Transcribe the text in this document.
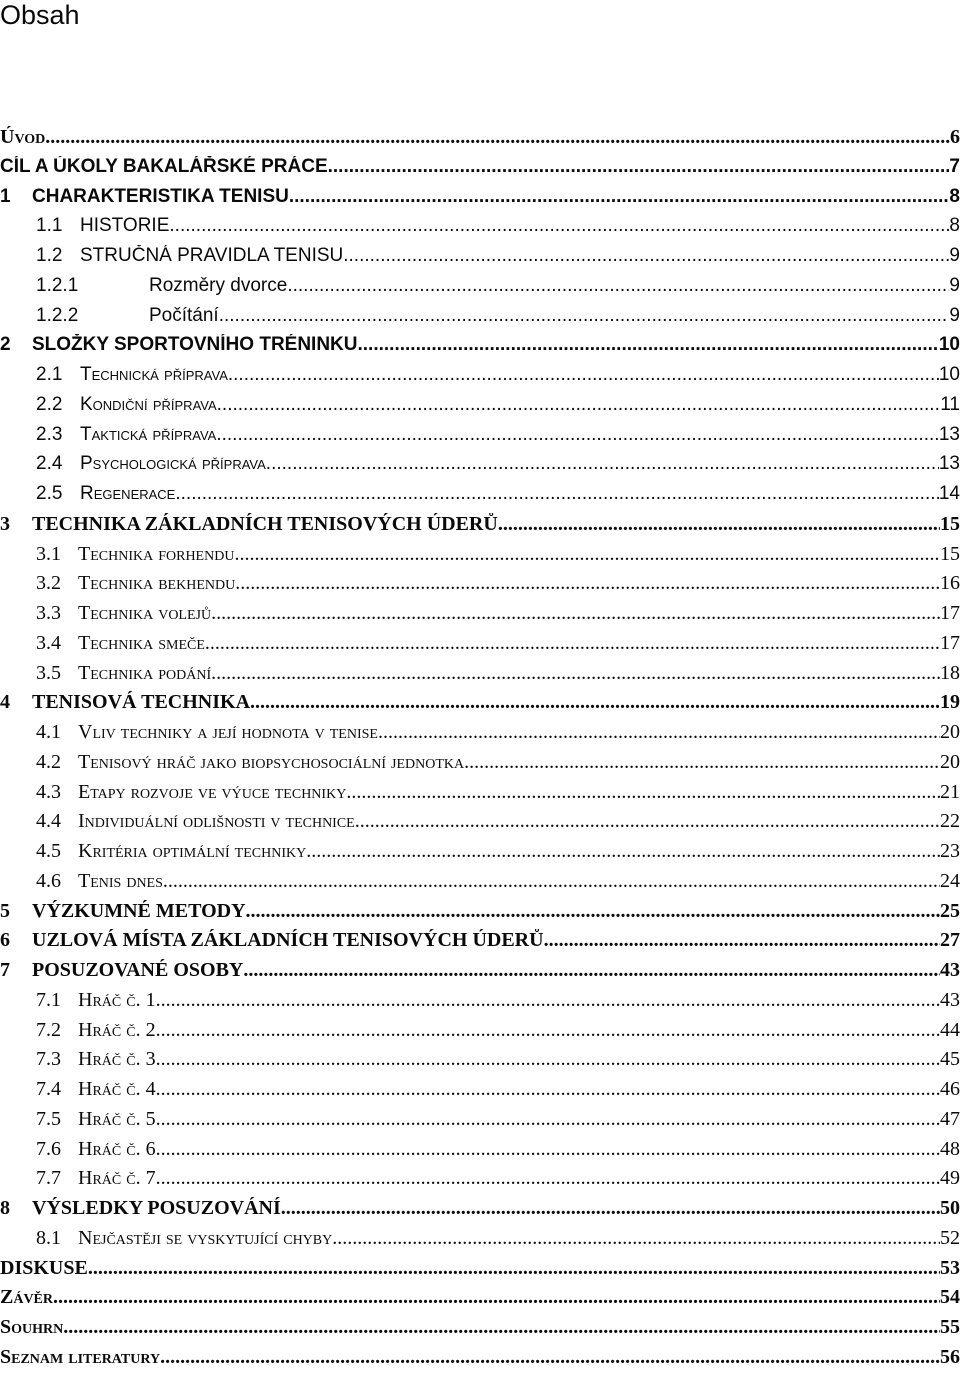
Obsah
Úvod .....	6
CÍL A ÚKOLY BAKALÁŘSKÉ PRÁCE .....	7
1	CHARAKTERISTIKA TENISU .....	8
1.1 HISTORIE .....	8
1.2 STRUČNÁ PRAVIDLA TENISU .....	9
1.2.1	Rozměry dvorce .....	9
1.2.2	Počítání .....	9
2	SLOŽKY SPORTOVNÍHO TRÉNINKU .....	10
2.1 Technická příprava .....	10
2.2 Kondiční příprava .....	11
2.3 Taktická příprava .....	13
2.4 Psychologická příprava .....	13
2.5 Regenerace .....	14
3	TECHNIKA ZÁKLADNÍCH TENISOVÝCH ÚDERŮ .....	15
3.1 Technika forhendu .....	15
3.2 Technika bekhendu .....	16
3.3 Technika volejů .....	17
3.4 Technika smeče .....	17
3.5 Technika podání .....	18
4	TENISOVÁ TECHNIKA .....	19
4.1 Vliv techniky a její hodnota v tenise .....	20
4.2 Tenisový hráč jako biopsychosociální jednotka .....	20
4.3 Etapy rozvoje ve výuce techniky .....	21
4.4 Individuální odlišnosti v technice .....	22
4.5 Kritéria optimální techniky .....	23
4.6 Tenis dnes .....	24
5	VÝZKUMNÉ METODY .....	25
6	UZLOVÁ MÍSTA ZÁKLADNÍCH TENISOVÝCH ÚDERŮ .....	27
7	POSUZOVANÉ OSOBY .....	43
7.1 Hráč č. 1 .....	43
7.2 Hráč č. 2 .....	44
7.3 Hráč č. 3 .....	45
7.4 Hráč č. 4 .....	46
7.5 Hráč č. 5 .....	47
7.6 Hráč č. 6 .....	48
7.7 Hráč č. 7 .....	49
8	VÝSLEDKY POSUZOVÁNÍ .....	50
8.1 Nejčastěji se vyskytující chyby .....	52
DISKUSE .....	53
Závěr .....	54
Souhrn .....	55
Seznam literatury .....	56
